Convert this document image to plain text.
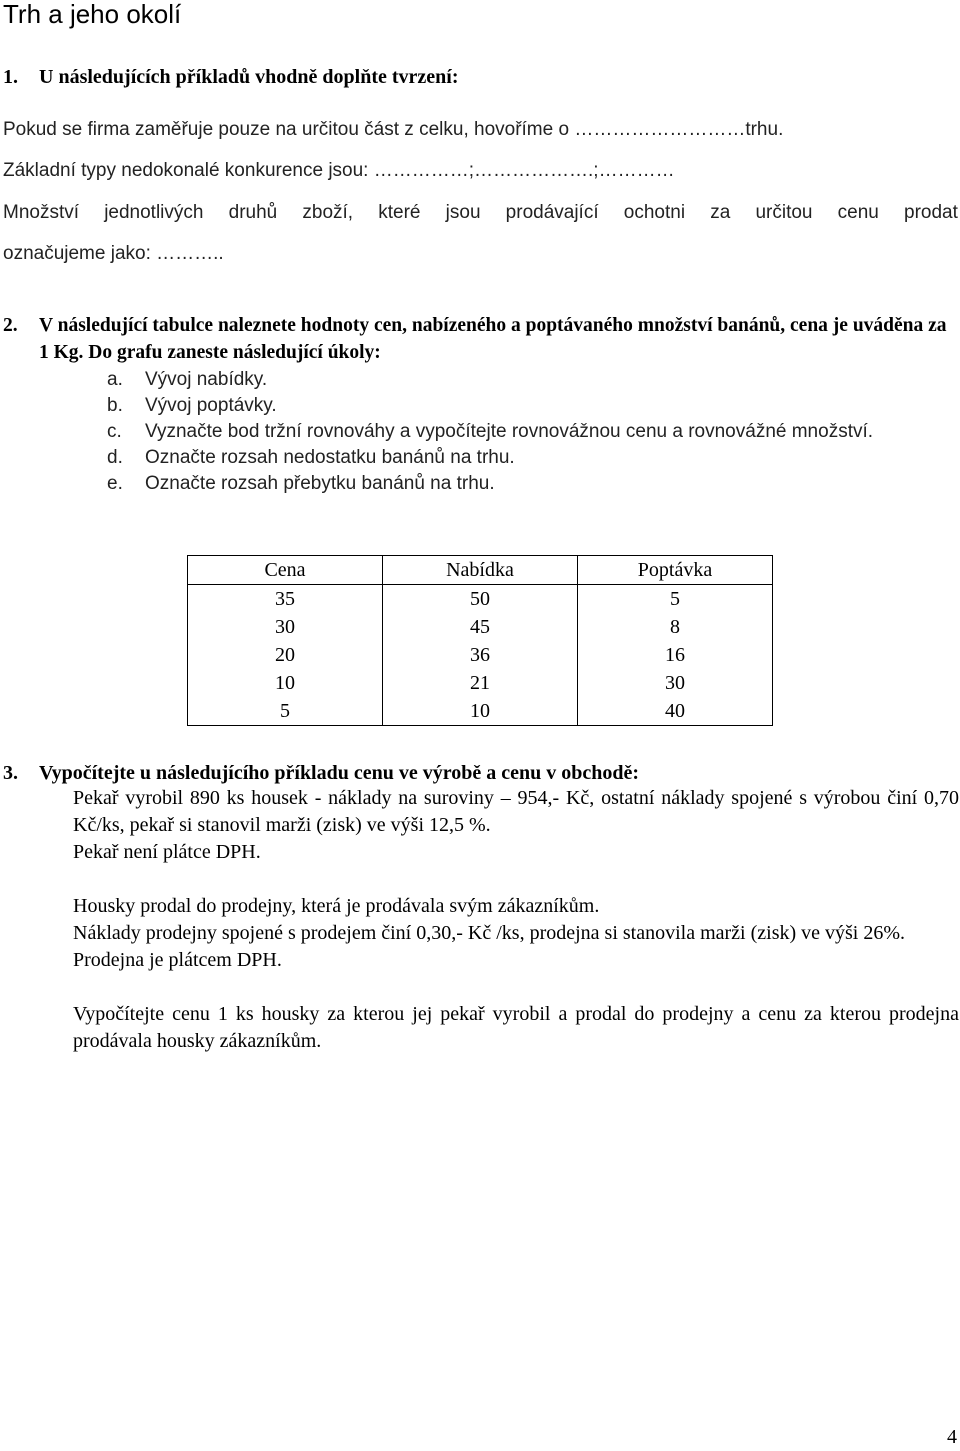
Trh a jeho okolí
1. U následujících příkladů vhodně doplňte tvrzení:
Pokud se firma zaměřuje pouze na určitou část z celku, hovoříme o ………………………trhu.
Základní typy nedokonalé konkurence jsou: ……………;……………….;…………
Množství jednotlivých druhů zboží, které jsou prodávající ochotni za určitou cenu prodat
označujeme jako: ………..
2. V následující tabulce naleznete hodnoty cen, nabízeného a poptávaného množství banánů, cena je uváděna za 1 Kg. Do grafu zaneste následující úkoly:
a.	Vývoj nabídky.
b.	Vývoj poptávky.
c.	Vyznačte bod tržní rovnováhy a vypočítejte rovnovážnou cenu a rovnovážné množství.
d.	Označte rozsah nedostatku banánů na trhu.
e.	Označte rozsah přebytku banánů na trhu.
Cena	Nabídka	Poptávka
35	50	5
30	45	8
20	36	16
10	21	30
5	10	40
3. Vypočítejte u následujícího příkladu cenu ve výrobě a cenu v obchodě:
Pekař vyrobil 890 ks housek - náklady na suroviny – 954,- Kč, ostatní náklady spojené s výrobou činí 0,70 Kč/ks, pekař si stanovil marži (zisk) ve výši 12,5 %.
Pekař není plátce DPH.
Housky prodal do prodejny, která je prodávala svým zákazníkům.
Náklady prodejny spojené s prodejem činí 0,30,- Kč /ks, prodejna si stanovila marži (zisk) ve výši 26%.
Prodejna je plátcem DPH.
Vypočítejte cenu 1 ks housky za kterou jej pekař vyrobil a prodal do prodejny a cenu za kterou prodejna prodávala housky zákazníkům.
4
